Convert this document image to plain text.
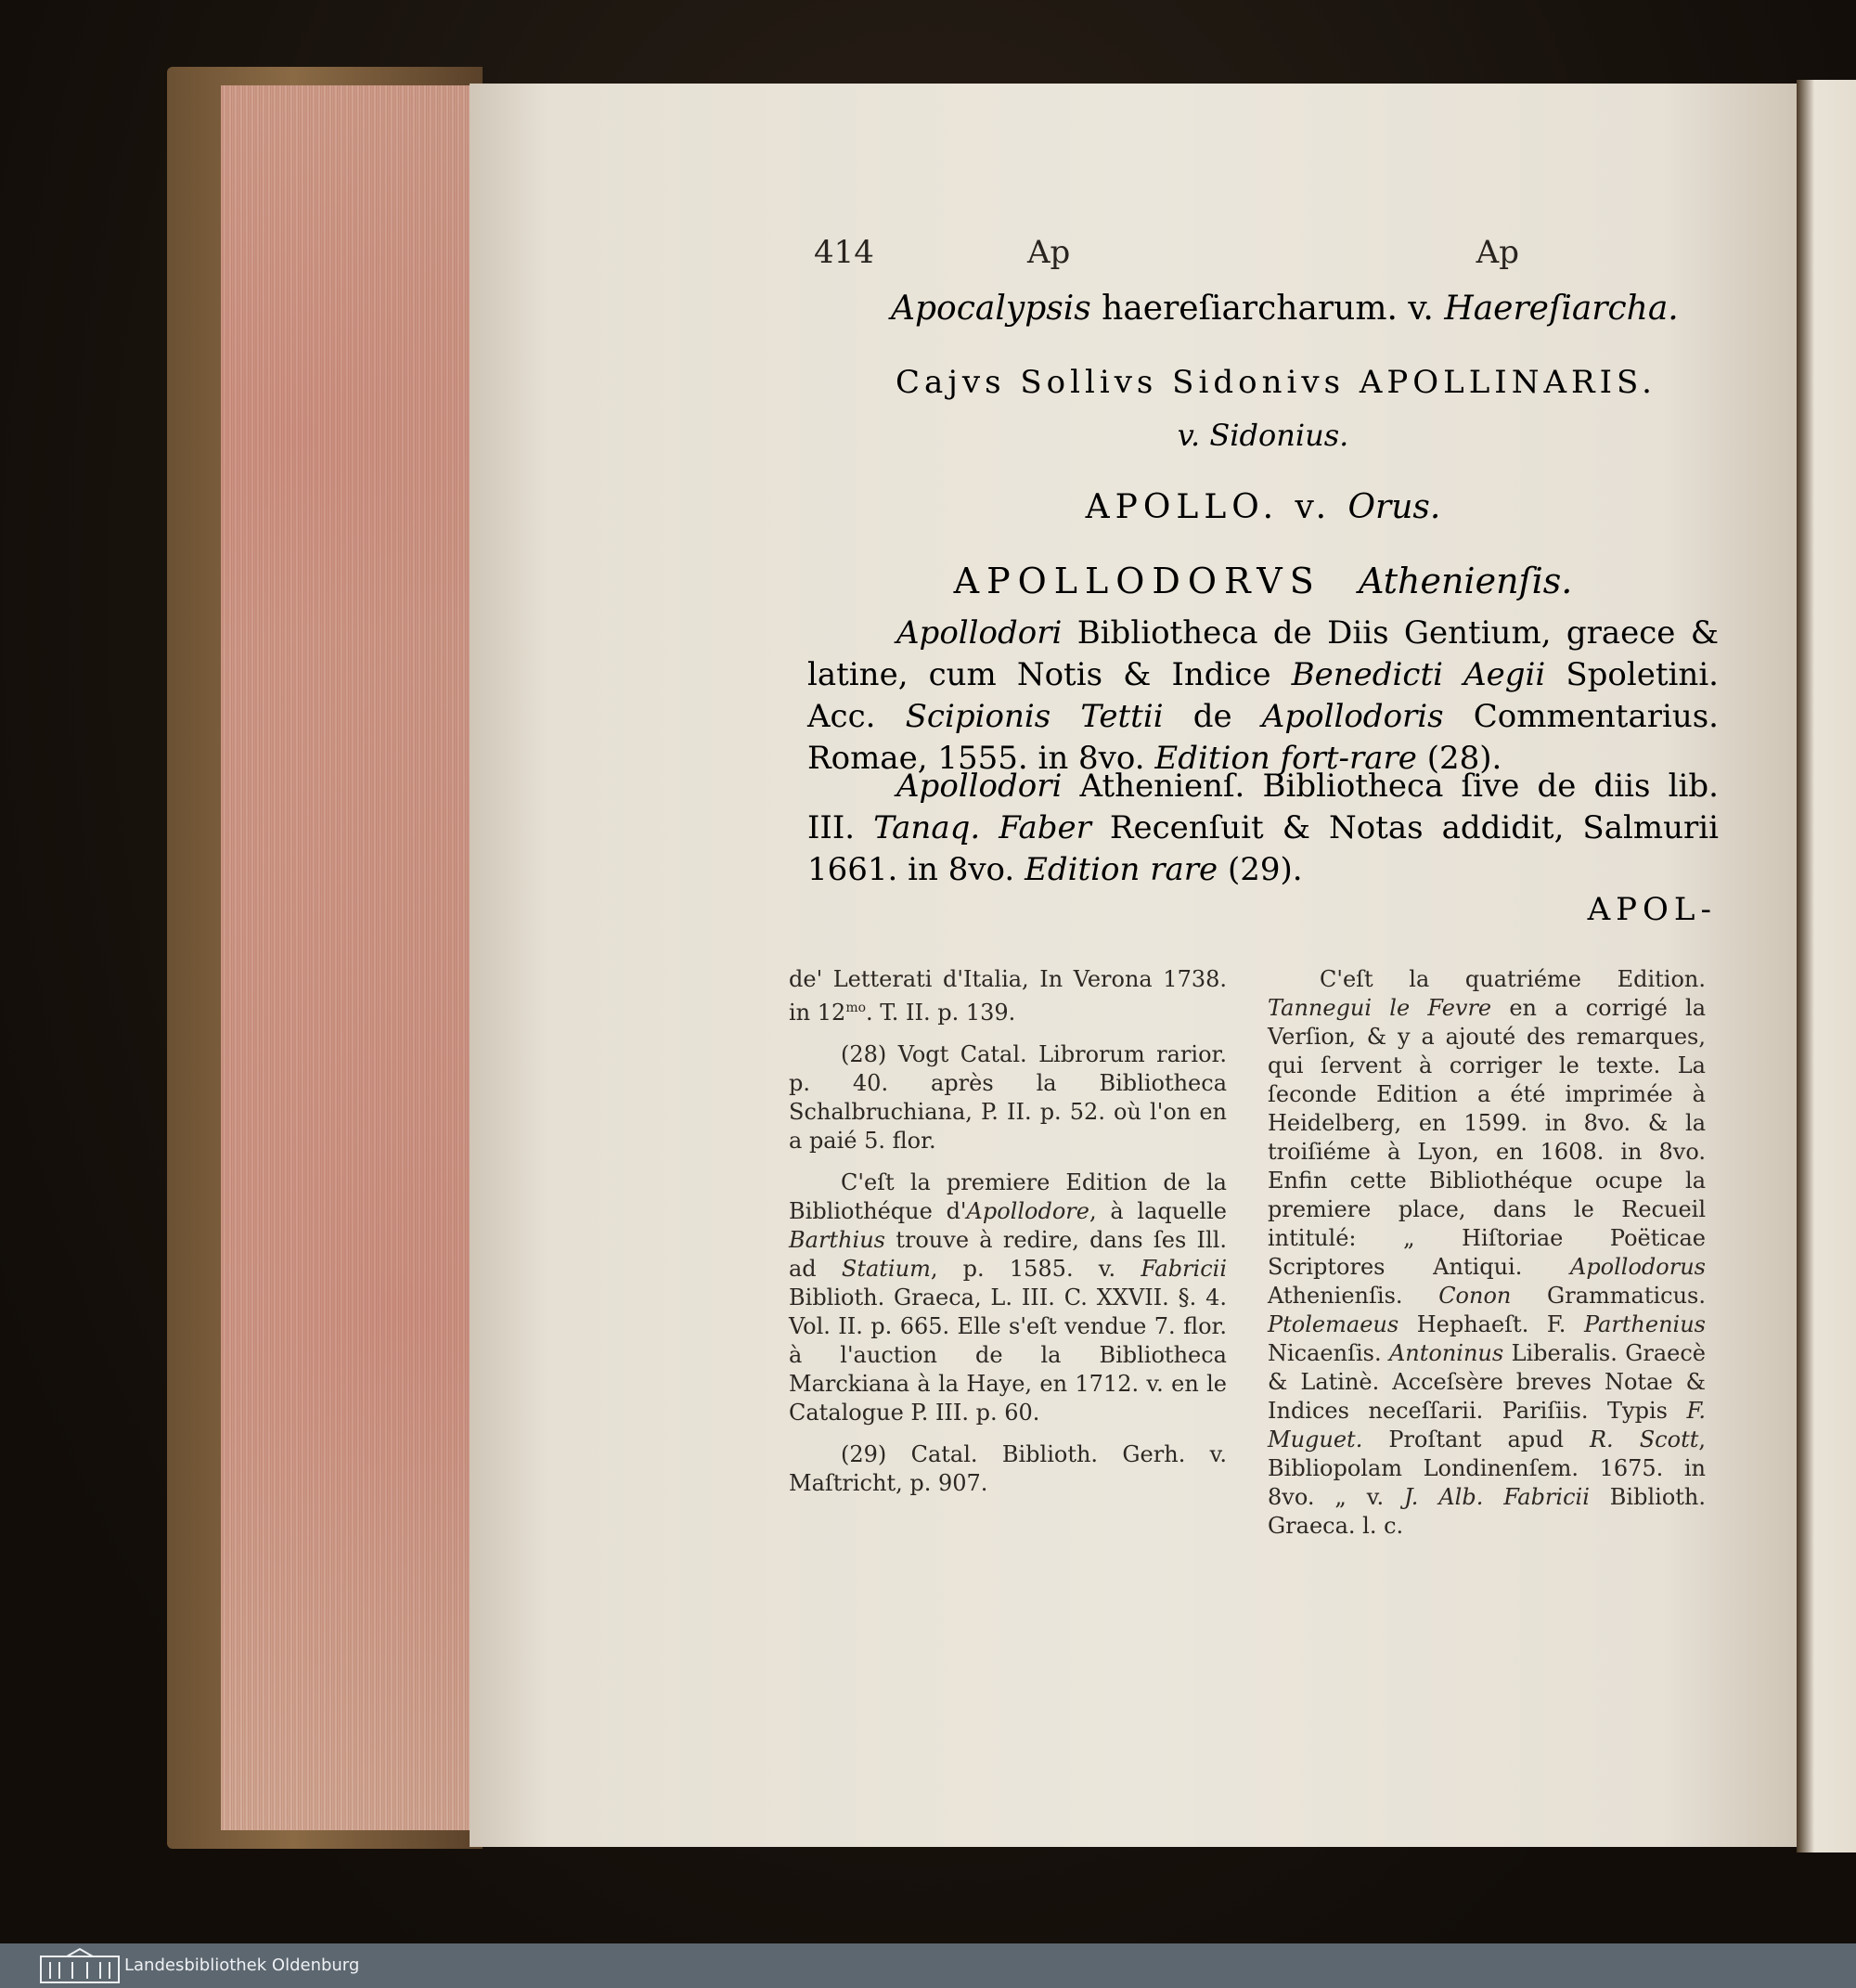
414	Ap	Ap
Apocalypsis haereſiarcharum. v. Haereſiarcha.
Cajvs Sollivs Sidonivs APOLLINARIS.
v. Sidonius.
APOLLO. v. Orus.
APOLLODORVS Athenienſis.
Apollodori Bibliotheca de Diis Gentium, graece & latine, cum Notis & Indice Benedicti Aegii Spoletini. Acc. Scipionis Tettii de Apollodoris Commentarius. Romae, 1555. in 8vo. Edition fort-rare (28).
Apollodori Athenienſ. Bibliotheca ſive de diis lib. III. Tanaq. Faber Recenſuit & Notas addidit, Salmurii 1661. in 8vo. Edition rare (29).
APOL-

de' Letterati d'Italia, In Verona 1738. in $12^{mo}$. T. II. p. 139.

(28) Vogt Catal. Librorum rarior. p. 40. après la Bibliotheca Schalbruchiana, P. II. p. 52. où l'on en a paié 5. flor.

C'eſt la premiere Edition de la Bibliothéque d'Apollodore, à laquelle Barthius trouve à redire, dans ſes Ill. ad Statium, p. 1585. v. Fabricii Biblioth. Graeca, L. III. C. XXVII. §. 4. Vol. II. p. 665. Elle s'eſt vendue 7. flor. à l'auction de la Bibliotheca Marckiana à la Haye, en 1712. v. en le Catalogue P. III. p. 60.

(29) Catal. Biblioth. Gerh. v. Maſtricht, p. 907.

C'eſt la quatriéme Edition. Tannegui le Fevre en a corrigé la Verſion, & y a ajouté des remarques, qui ſervent à corriger le texte. La ſeconde Edition a été imprimée à Heidelberg, en 1599. in 8vo. & la troiſiéme à Lyon, en 1608. in 8vo. Enfin cette Bibliothéque ocupe la premiere place, dans le Recueil intitulé: „ Hiſtoriae Poëticae Scriptores Antiqui. Apollodorus Athenienſis. Conon Grammaticus. Ptolemaeus Hephaeſt. F. Parthenius Nicaenſis. Antoninus Liberalis. Graecè & Latinè. Acceſsère breves Notae & Indices neceſſarii. Pariſiis. Typis F. Muguet. Proſtant apud R. Scott, Bibliopolam Londinenſem. 1675. in 8vo. „ v. J. Alb. Fabricii Biblioth. Graeca. l. c.

Landesbibliothek Oldenburg
